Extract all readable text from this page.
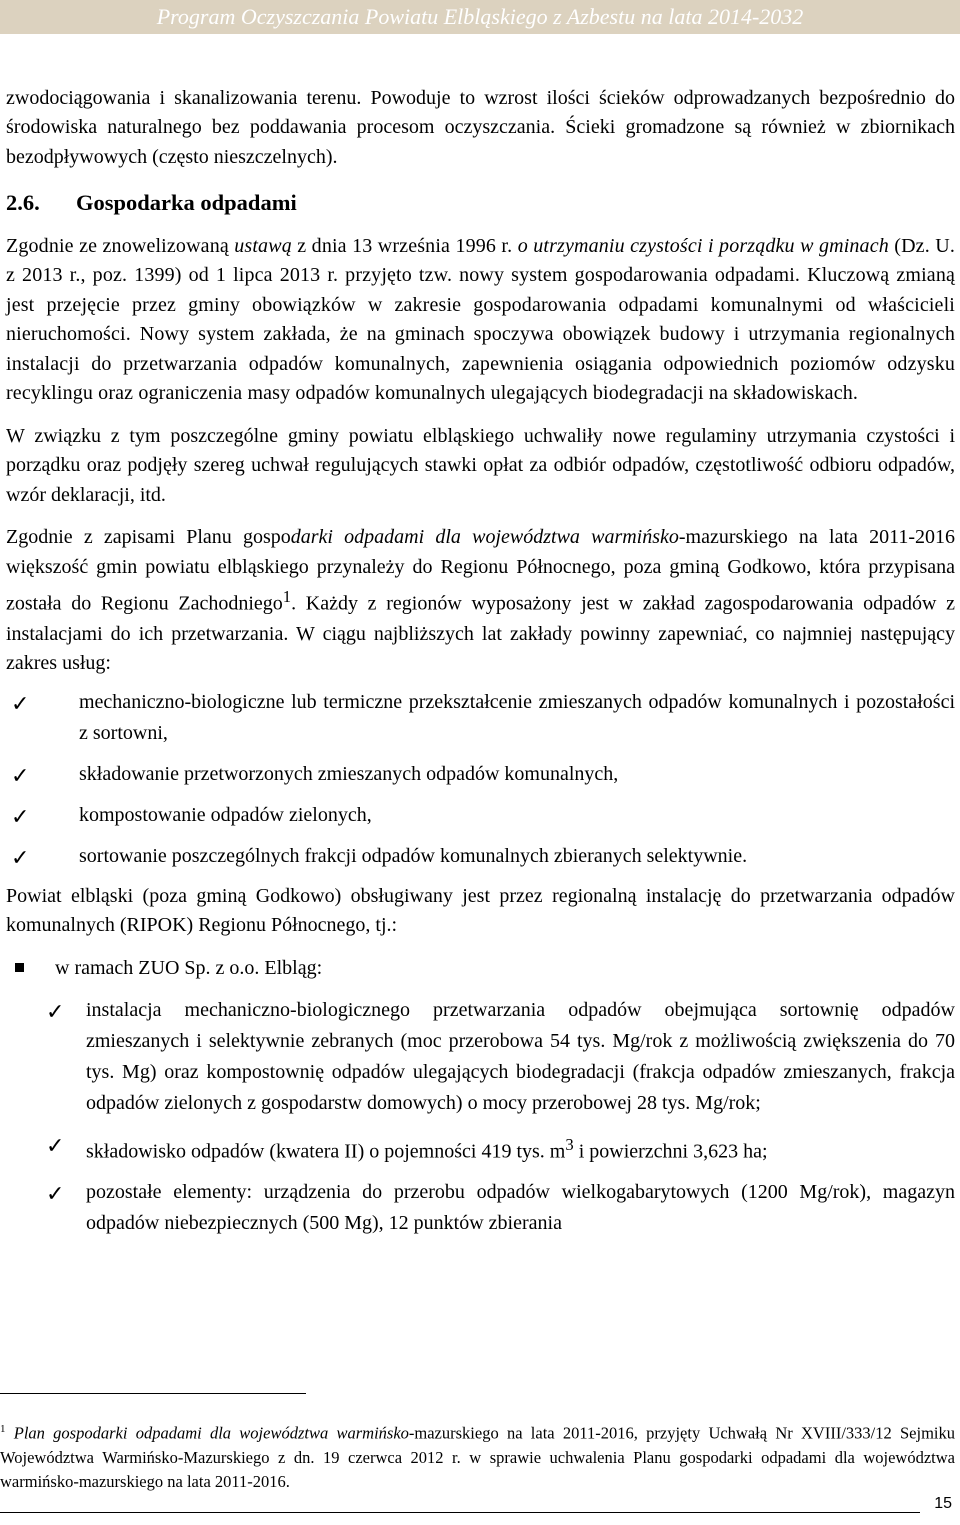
Program Oczyszczania Powiatu Elbląskiego z Azbestu na lata 2014-2032

zwodociągowania i skanalizowania terenu. Powoduje to wzrost ilości ścieków odprowadzanych bezpośrednio do środowiska naturalnego bez poddawania procesom oczyszczania. Ścieki gromadzone są również w zbiornikach bezodpływowych (często nieszczelnych).

2.6. Gospodarka odpadami

Zgodnie ze znowelizowaną ustawą z dnia 13 września 1996 r. o utrzymaniu czystości i porządku w gminach (Dz. U. z 2013 r., poz. 1399) od 1 lipca 2013 r. przyjęto tzw. nowy system gospodarowania odpadami. Kluczową zmianą jest przejęcie przez gminy obowiązków w zakresie gospodarowania odpadami komunalnymi od właścicieli nieruchomości. Nowy system zakłada, że na gminach spoczywa obowiązek budowy i utrzymania regionalnych instalacji do przetwarzania odpadów komunalnych, zapewnienia osiągania odpowiednich poziomów odzysku recyklingu oraz ograniczenia masy odpadów komunalnych ulegających biodegradacji na składowiskach.

W związku z tym poszczególne gminy powiatu elbląskiego uchwaliły nowe regulaminy utrzymania czystości i porządku oraz podjęły szereg uchwał regulujących stawki opłat za odbiór odpadów, częstotliwość odbioru odpadów, wzór deklaracji, itd.

Zgodnie z zapisami Planu gospodarki odpadami dla województwa warmińsko-mazurskiego na lata 2011-2016 większość gmin powiatu elbląskiego przynależy do Regionu Północnego, poza gminą Godkowo, która przypisana została do Regionu Zachodniego$^1$. Każdy z regionów wyposażony jest w zakład zagospodarowania odpadów z instalacjami do ich przetwarzania. W ciągu najbliższych lat zakłady powinny zapewniać, co najmniej następujący zakres usług:

✓ mechaniczno-biologiczne lub termiczne przekształcenie zmieszanych odpadów komunalnych i pozostałości z sortowni,
✓ składowanie przetworzonych zmieszanych odpadów komunalnych,
✓ kompostowanie odpadów zielonych,
✓ sortowanie poszczególnych frakcji odpadów komunalnych zbieranych selektywnie.

Powiat elbląski (poza gminą Godkowo) obsługiwany jest przez regionalną instalację do przetwarzania odpadów komunalnych (RIPOK) Regionu Północnego, tj.:

w ramach ZUO Sp. z o.o. Elbląg:
✓ instalacja mechaniczno-biologicznego przetwarzania odpadów obejmująca sortownię odpadów zmieszanych i selektywnie zebranych (moc przerobowa 54 tys. Mg/rok z możliwością zwiększenia do 70 tys. Mg) oraz kompostownię odpadów ulegających biodegradacji (frakcja odpadów zmieszanych, frakcja odpadów zielonych z gospodarstw domowych) o mocy przerobowej 28 tys. Mg/rok;
✓ składowisko odpadów (kwatera II) o pojemności 419 tys. $m^3$ i powierzchni 3,623 ha;
✓ pozostałe elementy: urządzenia do przerobu odpadów wielkogabarytowych (1200 Mg/rok), magazyn odpadów niebezpiecznych (500 Mg), 12 punktów zbierania
$^1$ Plan gospodarki odpadami dla województwa warmińsko-mazurskiego na lata 2011-2016, przyjęty Uchwałą Nr XVIII/333/12 Sejmiku Województwa Warmińsko-Mazurskiego z dn. 19 czerwca 2012 r. w sprawie uchwalenia Planu gospodarki odpadami dla województwa warmińsko-mazurskiego na lata 2011-2016.
15
